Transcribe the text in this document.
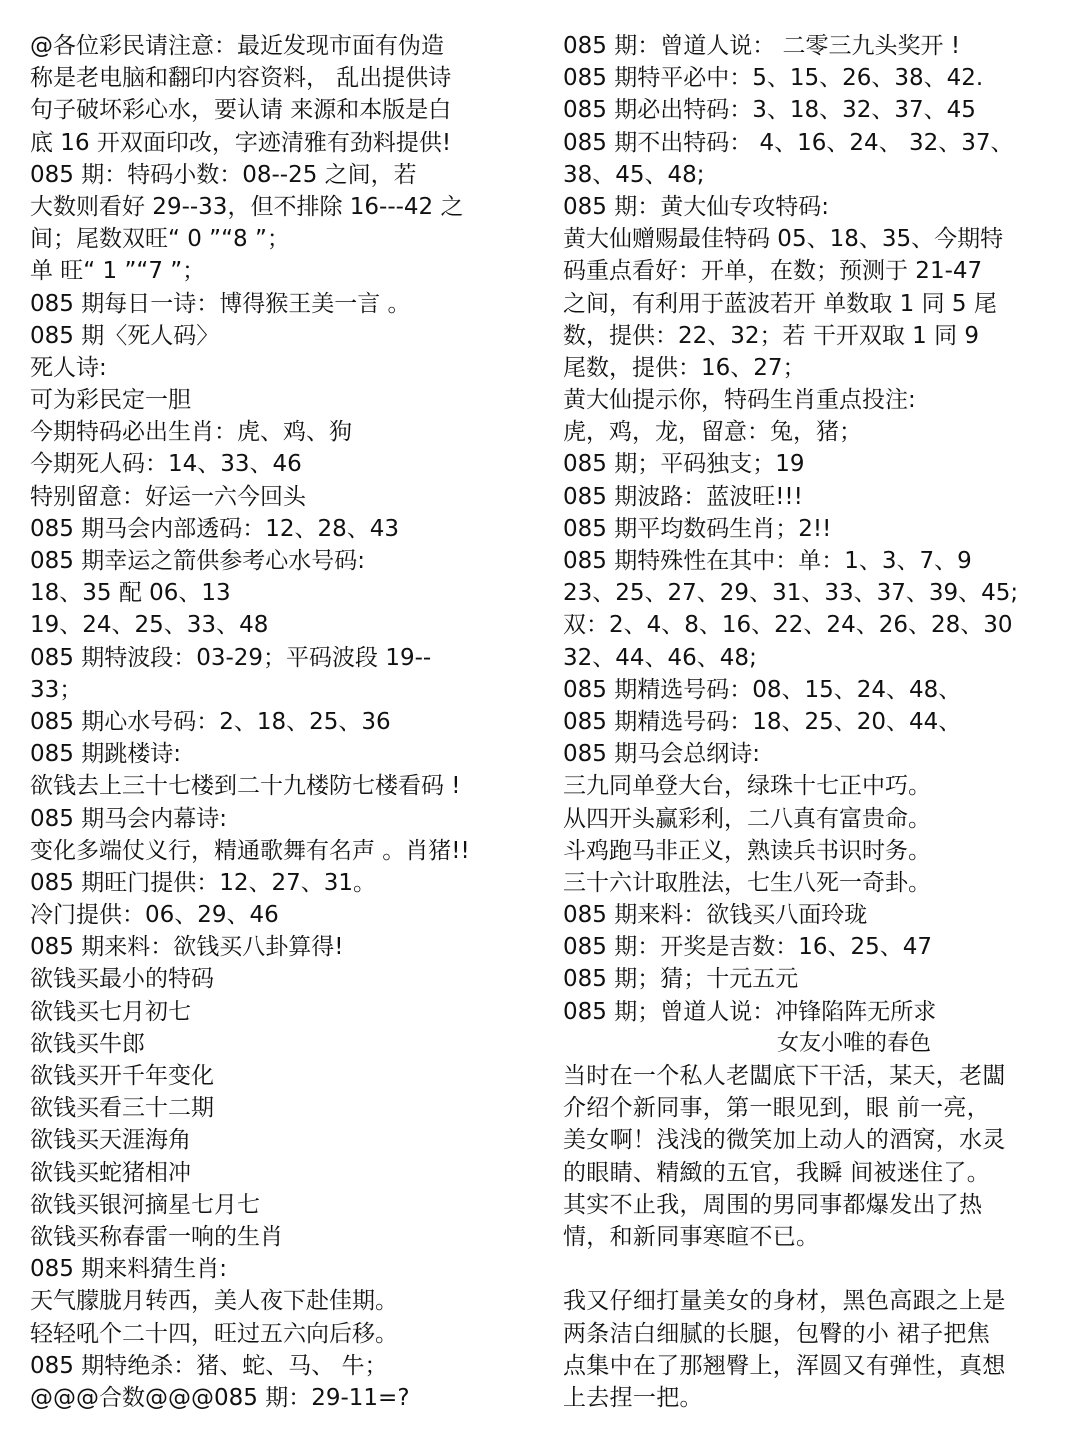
@各位彩民请注意：最近发现市面有伪造
称是老电脑和翻印内容资料， 乱出提供诗
句子破坏彩心水，要认请 来源和本版是白
底 16 开双面印改，字迹清雅有劲料提供!
085 期：特码小数：08--25 之间，若
大数则看好 29--33，但不排除 16---42 之
间；尾数双旺“ 0 ”“8 ”；
单 旺“ 1 ”“7 ”；
085 期每日一诗：博得猴王美一言 。
085 期〈死人码〉
死人诗:
可为彩民定一胆
今期特码必出生肖：虎、鸡、狗
今期死人码：14、33、46
特别留意：好运一六今回头
085 期马会内部透码：12、28、43
085 期幸运之箭供参考心水号码:
18、35 配 06、13
19、24、25、33、48
085 期特波段：03-29；平码波段 19--
33；
085 期心水号码：2、18、25、36
085 期跳楼诗:
欲钱去上三十七楼到二十九楼防七楼看码 !
085 期马会内幕诗:
变化多端仗义行，精通歌舞有名声 。肖猪!!
085 期旺门提供：12、27、31。
冷门提供：06、29、46
085 期来料：欲钱买八卦算得!
欲钱买最小的特码
欲钱买七月初七
欲钱买牛郎
欲钱买开千年变化
欲钱买看三十二期
欲钱买天涯海角
欲钱买蛇猪相冲
欲钱买银河摘星七月七
欲钱买称春雷一响的生肖
085 期来料猜生肖:
天气朦胧月转西，美人夜下赴佳期。
轻轻吼个二十四，旺过五六向后移。
085 期特绝杀：猪、蛇、马、 牛；
@@@合数@@@085 期：29-11=?
085 期：曾道人说： 二零三九头奖开 !
085 期特平必中：5、15、26、38、42.
085 期必出特码：3、18、32、37、45
085 期不出特码： 4、16、24、 32、37、
38、45、48;
085 期：黄大仙专攻特码:
黄大仙赠赐最佳特码 05、18、35、今期特
码重点看好：开单，在数；预测于 21-47
之间，有利用于蓝波若开 单数取 1 同 5 尾
数，提供：22、32；若 干开双取 1 同 9
尾数，提供：16、27；
黄大仙提示你，特码生肖重点投注:
虎，鸡，龙，留意：兔，猪；
085 期；平码独支；19
085 期波路：蓝波旺!!!
085 期平均数码生肖；2!!
085 期特殊性在其中：单：1、3、7、9
23、25、27、29、31、33、37、39、45;
双：2、4、8、16、22、24、26、28、30
32、44、46、48;
085 期精选号码：08、15、24、48、
085 期精选号码：18、25、20、44、
085 期马会总纲诗:
三九同单登大台，绿珠十七正中巧。
从四开头赢彩利，二八真有富贵命。
斗鸡跑马非正义，熟读兵书识时务。
三十六计取胜法，七生八死一奇卦。
085 期来料：欲钱买八面玲珑
085 期：开奖是吉数：16、25、47
085 期；猜；十元五元
085 期；曾道人说：冲锋陷阵无所求
女友小唯的春色
当时在一个私人老闆底下干活，某天，老闆
介绍个新同事，第一眼见到，眼 前一亮，
美女啊！浅浅的微笑加上动人的酒窝，水灵
的眼睛、精緻的五官，我瞬 间被迷住了。
其实不止我，周围的男同事都爆发出了热
情，和新同事寒暄不已。
我又仔细打量美女的身材，黑色高跟之上是
两条洁白细腻的长腿，包臀的小 裙子把焦
点集中在了那翘臀上，浑圆又有弹性，真想
上去捏一把。
